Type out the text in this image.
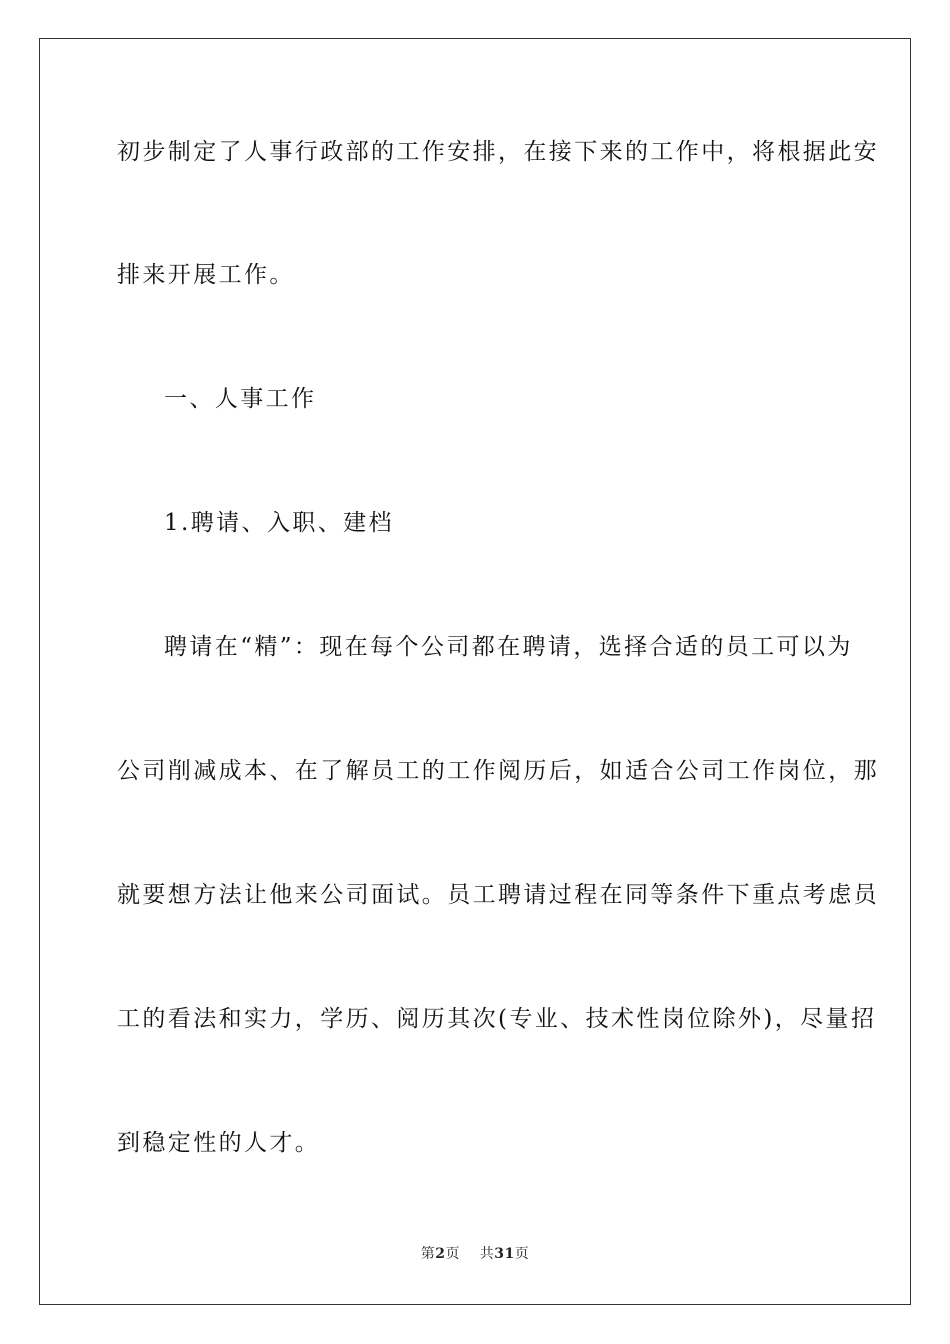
初步制定了人事行政部的工作安排，在接下来的工作中，将根据此安
排来开展工作。
一、人事工作
1.聘请、入职、建档
聘请在“精”：现在每个公司都在聘请，选择合适的员工可以为
公司削减成本、在了解员工的工作阅历后，如适合公司工作岗位，那
就要想方法让他来公司面试。员工聘请过程在同等条件下重点考虑员
工的看法和实力，学历、阅历其次(专业、技术性岗位除外)，尽量招
到稳定性的人才。
第2页 共31页
